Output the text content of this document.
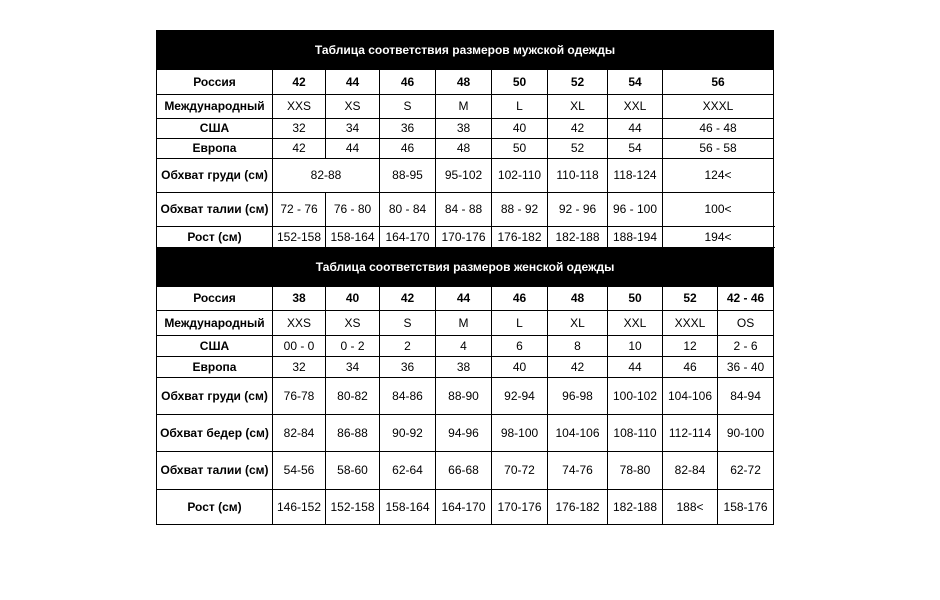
Таблица соответствия размеров мужской одежды								
Россия	42	44	46	48	50	52	54	56
Международный	XXS	XS	S	M	L	XL	XXL	XXXL
США	32	34	36	38	40	42	44	46 - 48
Европа	42	44	46	48	50	52	54	56 - 58
Обхват груди (см)	82-88		88-95	95-102	102-110	110-118	118-124	124<
Обхват талии (см)	72 - 76	76 - 80	80 - 84	84 - 88	88 - 92	92 - 96	96 - 100	100<
Рост (см)	152-158	158-164	164-170	170-176	176-182	182-188	188-194	194<
Таблица соответствия размеров женской одежды									
Россия	38	40	42	44	46	48	50	52	42 - 46
Международный	XXS	XS	S	M	L	XL	XXL	XXXL	OS
США	00 - 0	0 - 2	2	4	6	8	10	12	2 - 6
Европа	32	34	36	38	40	42	44	46	36 - 40
Обхват груди (см)	76-78	80-82	84-86	88-90	92-94	96-98	100-102	104-106	84-94
Обхват бедер (см)	82-84	86-88	90-92	94-96	98-100	104-106	108-110	112-114	90-100
Обхват талии (см)	54-56	58-60	62-64	66-68	70-72	74-76	78-80	82-84	62-72
Рост (см)	146-152	152-158	158-164	164-170	170-176	176-182	182-188	188<	158-176
